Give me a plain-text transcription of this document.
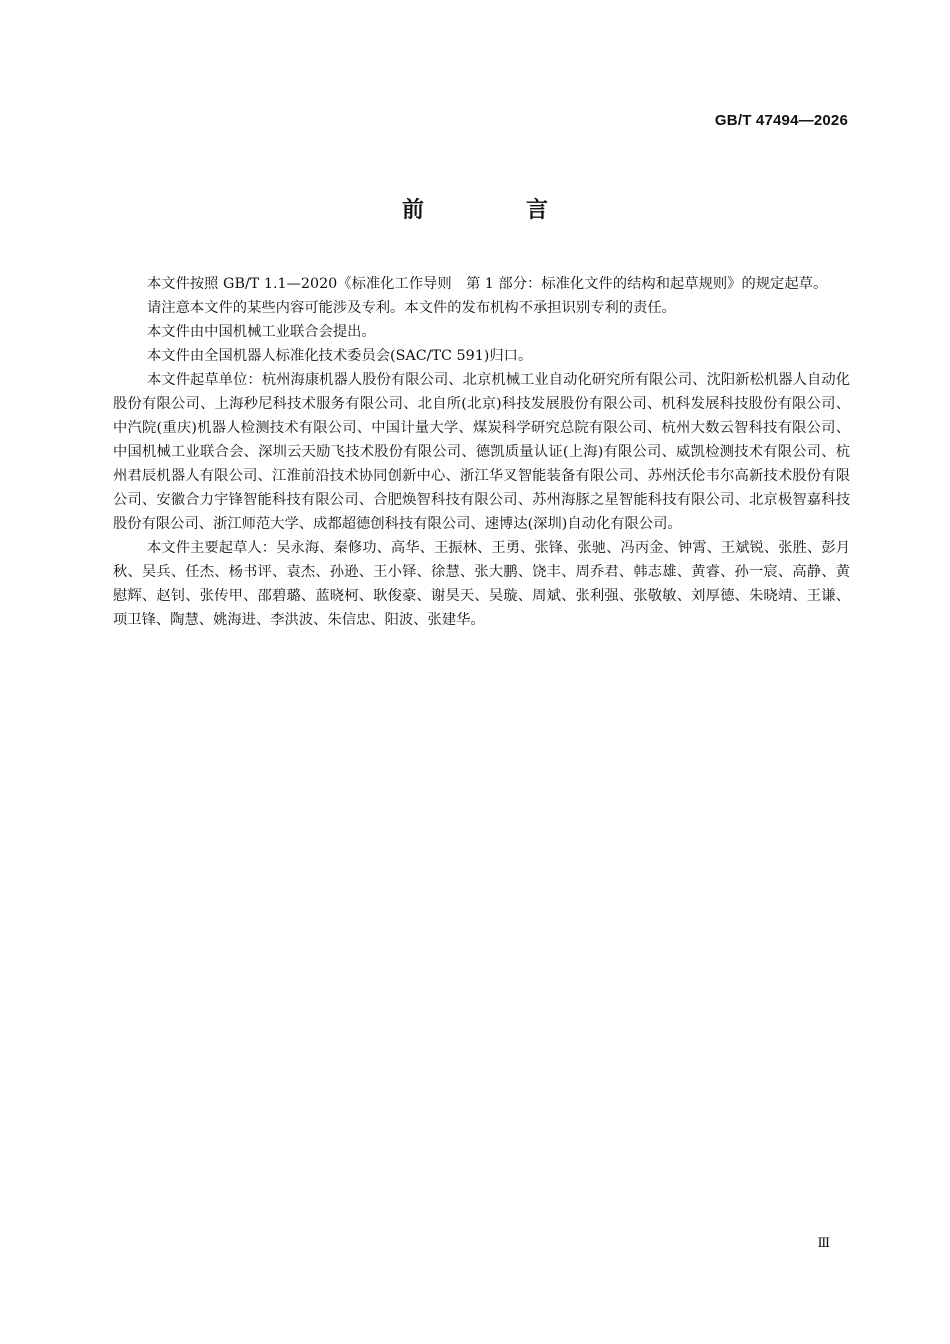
GB/T 47494—2026
前　言

本文件按照 GB/T 1.1—2020《标准化工作导则　第 1 部分：标准化文件的结构和起草规则》的规定起草。

请注意本文件的某些内容可能涉及专利。本文件的发布机构不承担识别专利的责任。

本文件由中国机械工业联合会提出。

本文件由全国机器人标准化技术委员会(SAC/TC 591)归口。

本文件起草单位：杭州海康机器人股份有限公司、北京机械工业自动化研究所有限公司、沈阳新松机器人自动化股份有限公司、上海秒尼科技术服务有限公司、北自所(北京)科技发展股份有限公司、机科发展科技股份有限公司、中汽院(重庆)机器人检测技术有限公司、中国计量大学、煤炭科学研究总院有限公司、杭州大数云智科技有限公司、中国机械工业联合会、深圳云天励飞技术股份有限公司、德凯质量认证(上海)有限公司、威凯检测技术有限公司、杭州君辰机器人有限公司、江淮前沿技术协同创新中心、浙江华叉智能装备有限公司、苏州沃伦韦尔高新技术股份有限公司、安徽合力宇锋智能科技有限公司、合肥焕智科技有限公司、苏州海豚之星智能科技有限公司、北京极智嘉科技股份有限公司、浙江师范大学、成都超德创科技有限公司、速博达(深圳)自动化有限公司。

本文件主要起草人：吴永海、秦修功、高华、王振林、王勇、张锋、张驰、冯丙金、钟霄、王斌锐、张胜、彭月秋、吴兵、任杰、杨书评、袁杰、孙逊、王小铎、徐慧、张大鹏、饶丰、周乔君、韩志雄、黄睿、孙一宸、高静、黄慰辉、赵钊、张传甲、邵碧璐、蓝晓柯、耿俊豪、谢昊天、吴璇、周斌、张利强、张敬敏、刘厚德、朱晓靖、王谦、项卫锋、陶慧、姚海进、李洪波、朱信忠、阳波、张建华。

Ⅲ
